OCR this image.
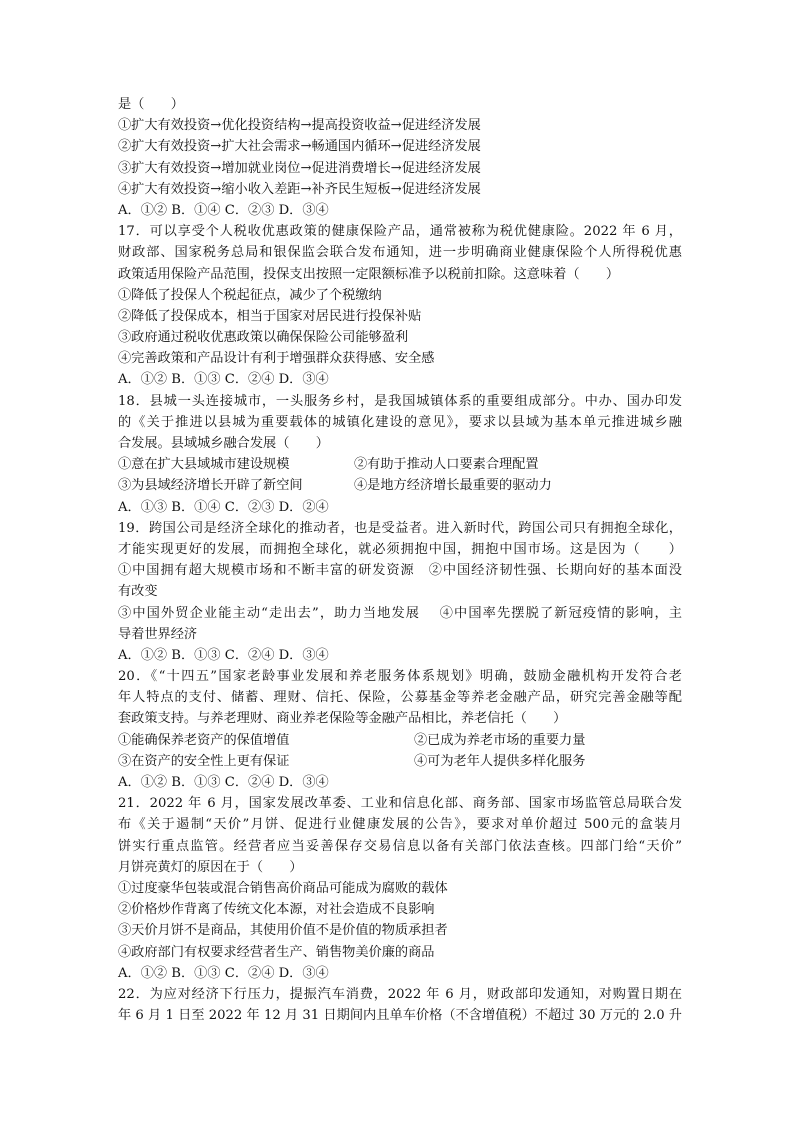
是（　　）
①扩大有效投资→优化投资结构→提高投资收益→促进经济发展
②扩大有效投资→扩大社会需求→畅通国内循环→促进经济发展
③扩大有效投资→增加就业岗位→促进消费增长→促进经济发展
④扩大有效投资→缩小收入差距→补齐民生短板→促进经济发展
A．①② B．①④ C．②③ D．③④
17．可以享受个人税收优惠政策的健康保险产品，通常被称为税优健康险。2022 年 6 月，
财政部、国家税务总局和银保监会联合发布通知，进一步明确商业健康保险个人所得税优惠
政策适用保险产品范围，投保支出按照一定限额标准予以税前扣除。这意味着（　　）
①降低了投保人个税起征点，减少了个税缴纳
②降低了投保成本，相当于国家对居民进行投保补贴
③政府通过税收优惠政策以确保保险公司能够盈利
④完善政策和产品设计有利于增强群众获得感、安全感
A．①② B．①③ C．②④ D．③④
18．县城一头连接城市，一头服务乡村，是我国城镇体系的重要组成部分。中办、国办印发
的《关于推进以县城为重要载体的城镇化建设的意见》，要求以县域为基本单元推进城乡融
合发展。县域城乡融合发展（　　）
①意在扩大县域城市建设规模	②有助于推动人口要素合理配置
③为县域经济增长开辟了新空间	④是地方经济增长最重要的驱动力
A．①③ B．①④ C．②③ D．②④
19．跨国公司是经济全球化的推动者，也是受益者。进入新时代，跨国公司只有拥抱全球化，
才能实现更好的发展，而拥抱全球化，就必须拥抱中国，拥抱中国市场。这是因为（　　）
①中国拥有超大规模市场和不断丰富的研发资源　②中国经济韧性强、长期向好的基本面没
有改变
③中国外贸企业能主动“走出去”，助力当地发展　 ④中国率先摆脱了新冠疫情的影响，主
导着世界经济
A．①② B．①③ C．②④ D．③④
20．《“十四五”国家老龄事业发展和养老服务体系规划》明确，鼓励金融机构开发符合老
年人特点的支付、储蓄、理财、信托、保险，公募基金等养老金融产品，研究完善金融等配
套政策支持。与养老理财、商业养老保险等金融产品相比，养老信托（　　）
①能确保养老资产的保值增值	②已成为养老市场的重要力量
③在资产的安全性上更有保证	④可为老年人提供多样化服务
A．①② B．①③ C．②④ D．③④
21．2022 年 6 月，国家发展改革委、工业和信息化部、商务部、国家市场监管总局联合发
布《关于遏制“天价”月饼、促进行业健康发展的公告》，要求对单价超过 500元的盒装月
饼实行重点监管。经营者应当妥善保存交易信息以备有关部门依法查核。四部门给“天价”
月饼亮黄灯的原因在于（　　）
①过度豪华包装或混合销售高价商品可能成为腐败的载体
②价格炒作背离了传统文化本源，对社会造成不良影响
③天价月饼不是商品，其使用价值不是价值的物质承担者
④政府部门有权要求经营者生产、销售物美价廉的商品
A．①② B．①③ C．②④ D．③④
22．为应对经济下行压力，提振汽车消费，2022 年 6 月，财政部印发通知，对购置日期在
年 6 月 1 日至 2022 年 12 月 31 日期间内且单车价格（不含增值税）不超过 30 万元的 2.0 升
